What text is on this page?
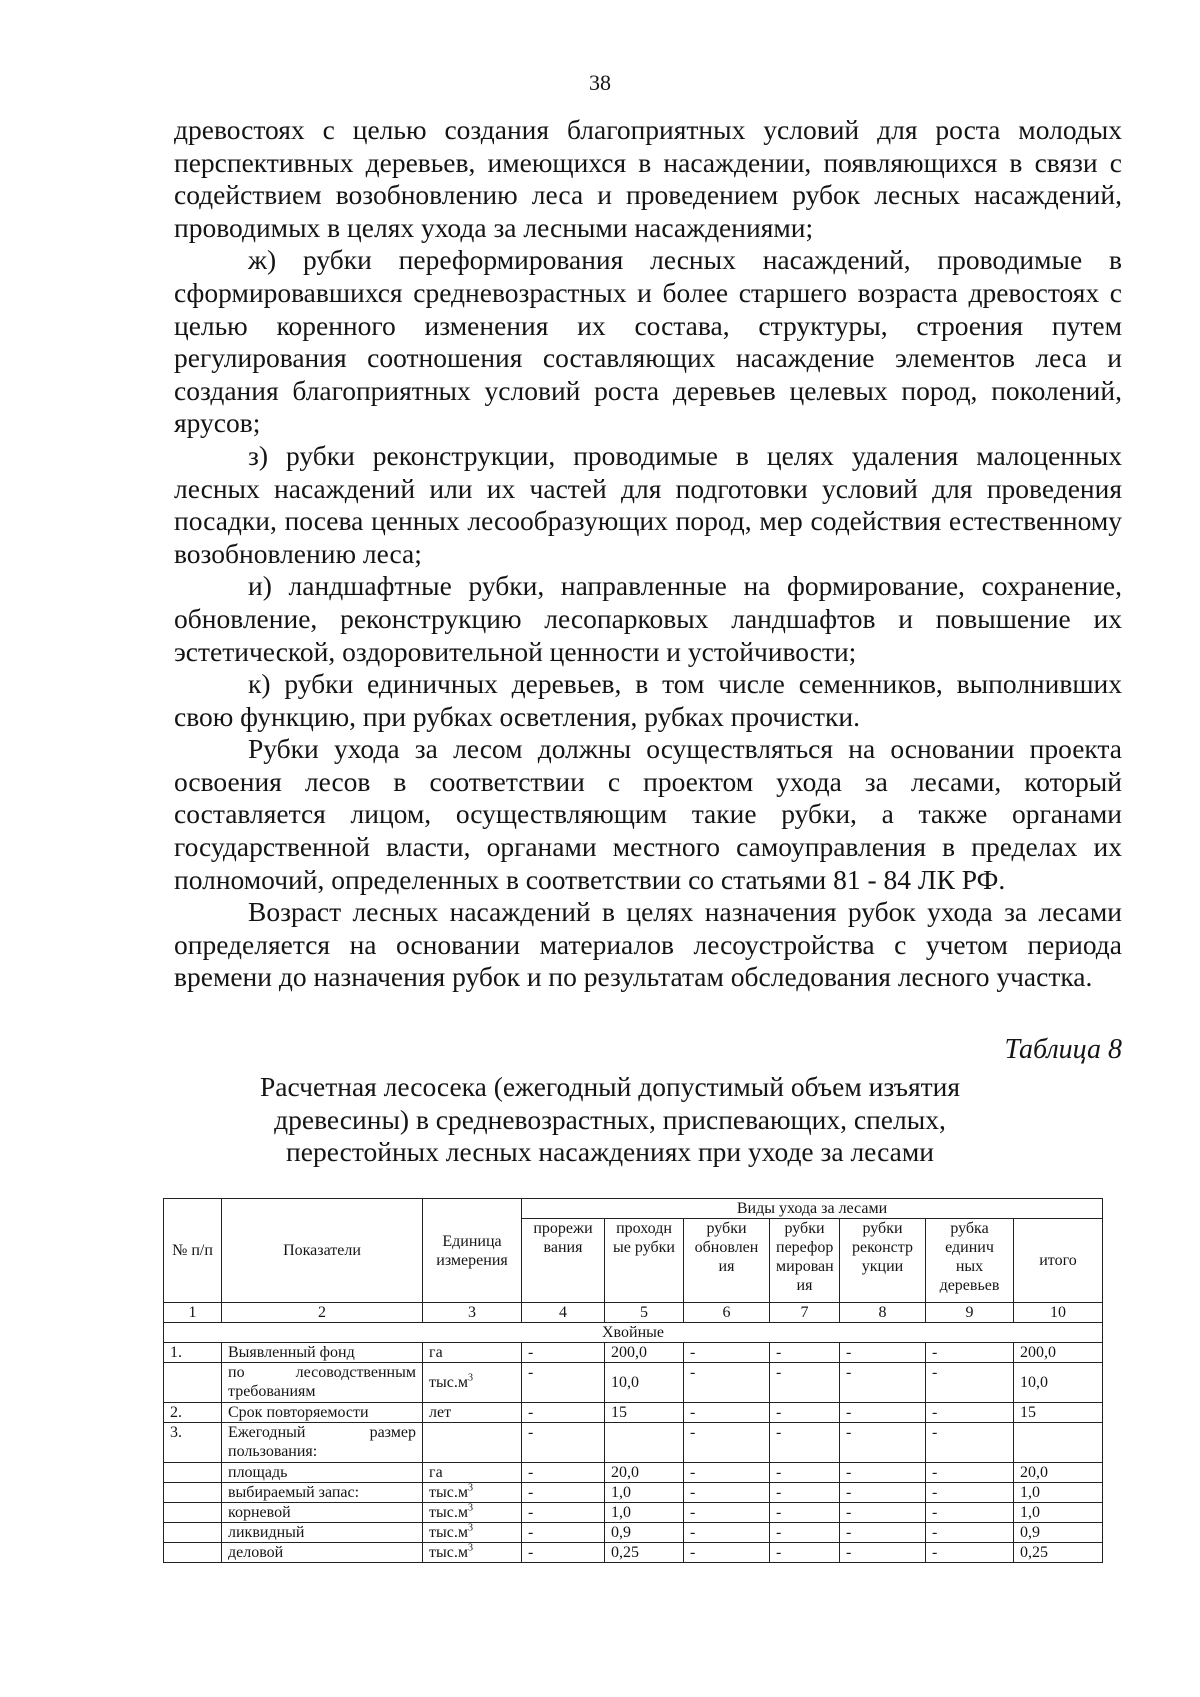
38

древостоях с целью создания благоприятных условий для роста молодых перспективных деревьев, имеющихся в насаждении, появляющихся в связи с содействием возобновлению леса и проведением рубок лесных насаждений, проводимых в целях ухода за лесными насаждениями;

ж) рубки переформирования лесных насаждений, проводимые в сформировавшихся средневозрастных и более старшего возраста древостоях с целью коренного изменения их состава, структуры, строения путем регулирования соотношения составляющих насаждение элементов леса и создания благоприятных условий роста деревьев целевых пород, поколений, ярусов;

з) рубки реконструкции, проводимые в целях удаления малоценных лесных насаждений или их частей для подготовки условий для проведения посадки, посева ценных лесообразующих пород, мер содействия естественному возобновлению леса;

и) ландшафтные рубки, направленные на формирование, сохранение, обновление, реконструкцию лесопарковых ландшафтов и повышение их эстетической, оздоровительной ценности и устойчивости;

к) рубки единичных деревьев, в том числе семенников, выполнивших свою функцию, при рубках осветления, рубках прочистки.

Рубки ухода за лесом должны осуществляться на основании проекта освоения лесов в соответствии с проектом ухода за лесами, который составляется лицом, осуществляющим такие рубки, а также органами государственной власти, органами местного самоуправления в пределах их полномочий, определенных в соответствии со статьями 81 - 84 ЛК РФ.

Возраст лесных насаждений в целях назначения рубок ухода за лесами определяется на основании материалов лесоустройства с учетом периода времени до назначения рубок и по результатам обследования лесного участка.

Таблица 8
Расчетная лесосека (ежегодный допустимый объем изъятия древесины) в средневозрастных, приспевающих, спелых, перестойных лесных насаждениях при уходе за лесами
№ п/п	Показатели	Единица измерения	Виды ухода за лесами						
			прорежи вания	проходн ые рубки	рубки обновлен ия	рубки перефор мирован ия	рубки реконстр укции	рубка единич ных деревьев	итого
1	2	3	4	5	6	7	8	9	10
Хвойные									
1.	Выявленный фонд	га	-	200,0	-	-	-	-	200,0

	по лесоводственным требованиям	$тыс.м^3$	-	10,0	-	-	-	-	10,0
2.	Срок повторяемости	лет	-	15	-	-	-	-	15
3.	Ежегодный размер пользования:		-		-	-	-	-	
	площадь	га	-	20,0	-	-	-	-	20,0
	выбираемый запас:	$тыс.м^3$	-	1,0	-	-	-	-	1,0
	корневой	$тыс.м^3$	-	1,0	-	-	-	-	1,0
	ликвидный	$тыс.м^3$	-	0,9	-	-	-	-	0,9
	деловой	$тыс.м^3$	-	0,25	-	-	-	-	0,25
